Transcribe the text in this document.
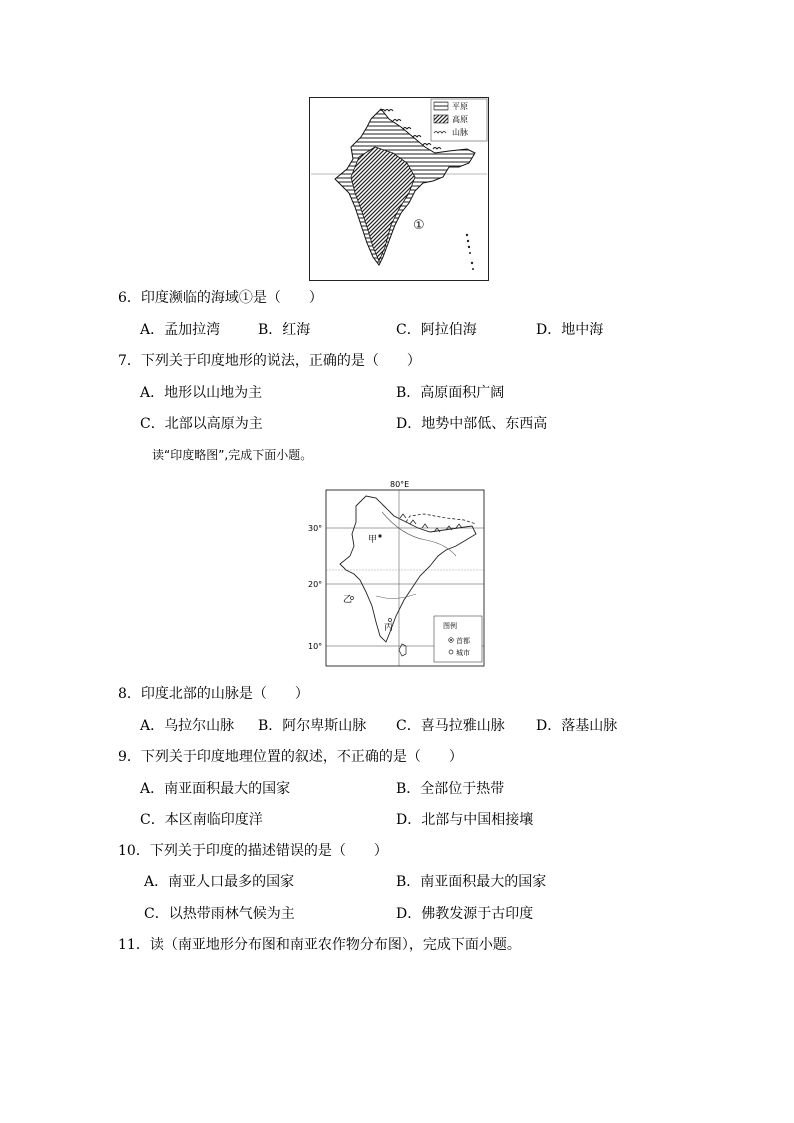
①
平原
高原
山脉
6．印度濒临的海域①是（　　）
A．孟加拉湾	B．红海	C．阿拉伯海	D．地中海
7．下列关于印度地形的说法，正确的是（　　）
A．地形以山地为主	B．高原面积广阔
C．北部以高原为主	D．地势中部低、东西高
读“印度略图”,完成下面小题。
80°E
30°
20°
10°
甲
乙
丙	图例
首都
城市
8．印度北部的山脉是（　　）
A．乌拉尔山脉 B．阿尔卑斯山脉 C．喜马拉雅山脉 D．落基山脉
9．下列关于印度地理位置的叙述，不正确的是（　　）
A．南亚面积最大的国家	B．全部位于热带
C．本区南临印度洋	D．北部与中国相接壤
10．下列关于印度的描述错误的是（　　）
A．南亚人口最多的国家	B．南亚面积最大的国家
C．以热带雨林气候为主	D．佛教发源于古印度
11．读（南亚地形分布图和南亚农作物分布图），完成下面小题。
